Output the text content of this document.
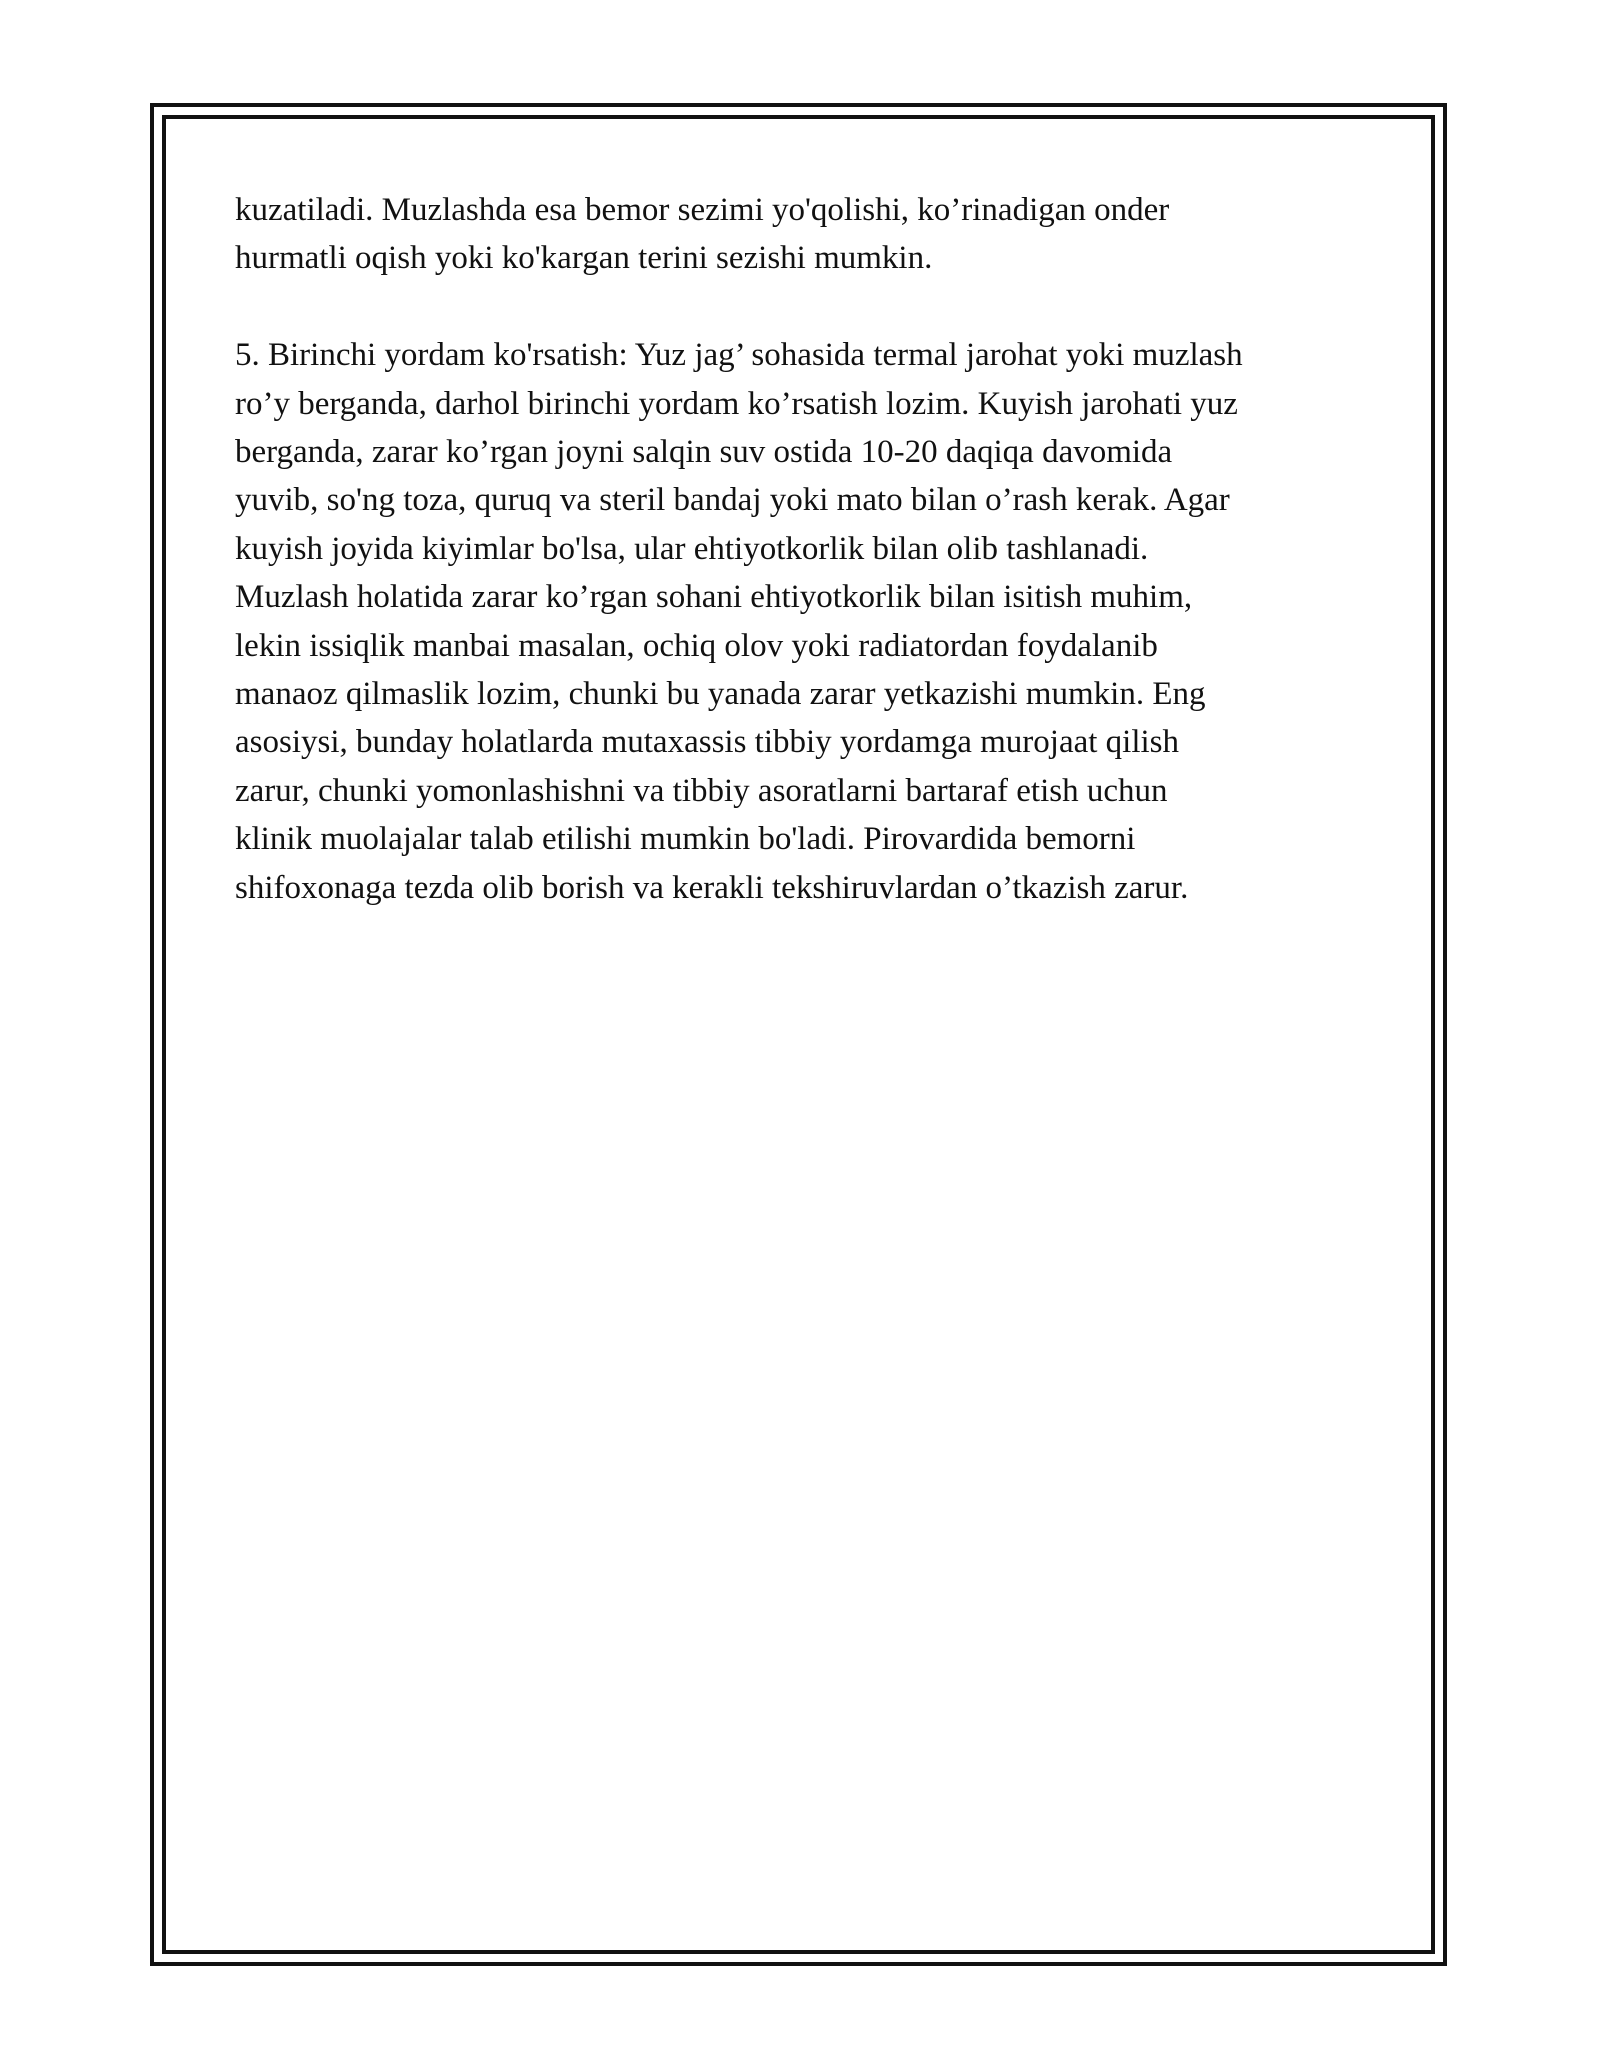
kuzatiladi. Muzlashda esa bemor sezimi yo'qolishi, ko’rinadigan onder
hurmatli oqish yoki ko'kargan terini sezishi mumkin.
5. Birinchi yordam ko'rsatish: Yuz jag’ sohasida termal jarohat yoki muzlash
ro’y berganda, darhol birinchi yordam ko’rsatish lozim. Kuyish jarohati yuz
berganda, zarar ko’rgan joyni salqin suv ostida 10-20 daqiqa davomida
yuvib, so'ng toza, quruq va steril bandaj yoki mato bilan o’rash kerak. Agar
kuyish joyida kiyimlar bo'lsa, ular ehtiyotkorlik bilan olib tashlanadi.
Muzlash holatida zarar ko’rgan sohani ehtiyotkorlik bilan isitish muhim,
lekin issiqlik manbai masalan, ochiq olov yoki radiatordan foydalanib
manaoz qilmaslik lozim, chunki bu yanada zarar yetkazishi mumkin. Eng
asosiysi, bunday holatlarda mutaxassis tibbiy yordamga murojaat qilish
zarur, chunki yomonlashishni va tibbiy asoratlarni bartaraf etish uchun
klinik muolajalar talab etilishi mumkin bo'ladi. Pirovardida bemorni
shifoxonaga tezda olib borish va kerakli tekshiruvlardan o’tkazish zarur.
